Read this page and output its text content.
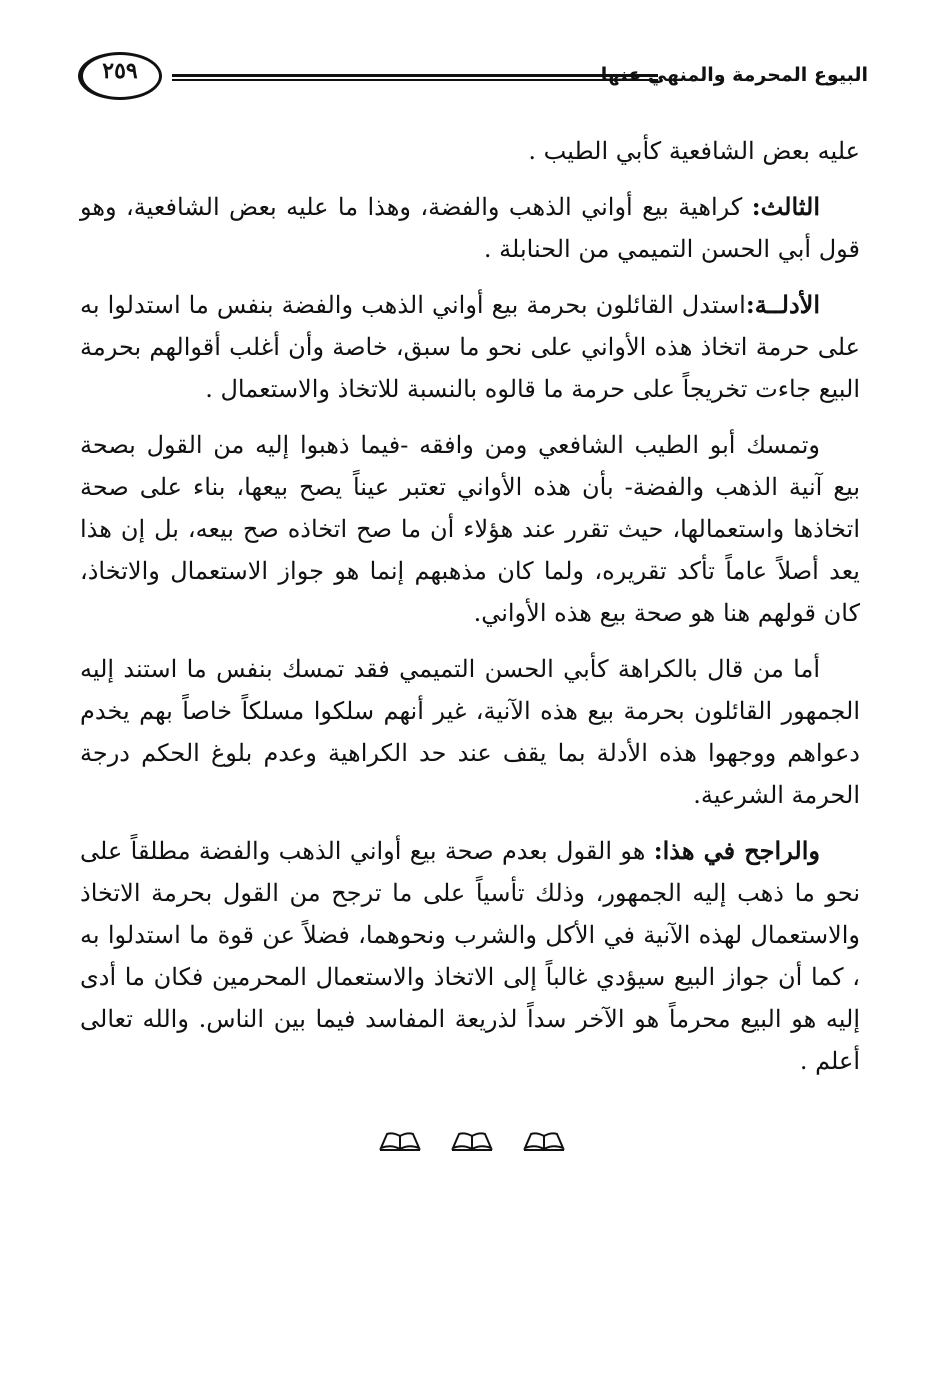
٢٥٩	البيوع المحرمة والمنهي عنها

عليه بعض الشافعية كأبي الطيب .

الثالث: كراهية بيع أواني الذهب والفضة، وهذا ما عليه بعض الشافعية، وهو قول أبي الحسن التميمي من الحنابلة .

الأدلــة:استدل القائلون بحرمة بيع أواني الذهب والفضة بنفس ما استدلوا به على حرمة اتخاذ هذه الأواني على نحو ما سبق، خاصة وأن أغلب أقوالهم بحرمة البيع جاءت تخريجاً على حرمة ما قالوه بالنسبة للاتخاذ والاستعمال .

وتمسك أبو الطيب الشافعي ومن وافقه -فيما ذهبوا إليه من القول بصحة بيع آنية الذهب والفضة- بأن هذه الأواني تعتبر عيناً يصح بيعها، بناء على صحة اتخاذها واستعمالها، حيث تقرر عند هؤلاء أن ما صح اتخاذه صح بيعه، بل إن هذا يعد أصلاً عاماً تأكد تقريره، ولما كان مذهبهم إنما هو جواز الاستعمال والاتخاذ، كان قولهم هنا هو صحة بيع هذه الأواني.

أما من قال بالكراهة كأبي الحسن التميمي فقد تمسك بنفس ما استند إليه الجمهور القائلون بحرمة بيع هذه الآنية، غير أنهم سلكوا مسلكاً خاصاً بهم يخدم دعواهم ووجهوا هذه الأدلة بما يقف عند حد الكراهية وعدم بلوغ الحكم درجة الحرمة الشرعية.

والراجح في هذا: هو القول بعدم صحة بيع أواني الذهب والفضة مطلقاً على نحو ما ذهب إليه الجمهور، وذلك تأسياً على ما ترجح من القول بحرمة الاتخاذ والاستعمال لهذه الآنية في الأكل والشرب ونحوهما، فضلاً عن قوة ما استدلوا به ، كما أن جواز البيع سيؤدي غالباً إلى الاتخاذ والاستعمال المحرمين فكان ما أدى إليه هو البيع محرماً هو الآخر سداً لذريعة المفاسد فيما بين الناس. والله تعالى أعلم .
